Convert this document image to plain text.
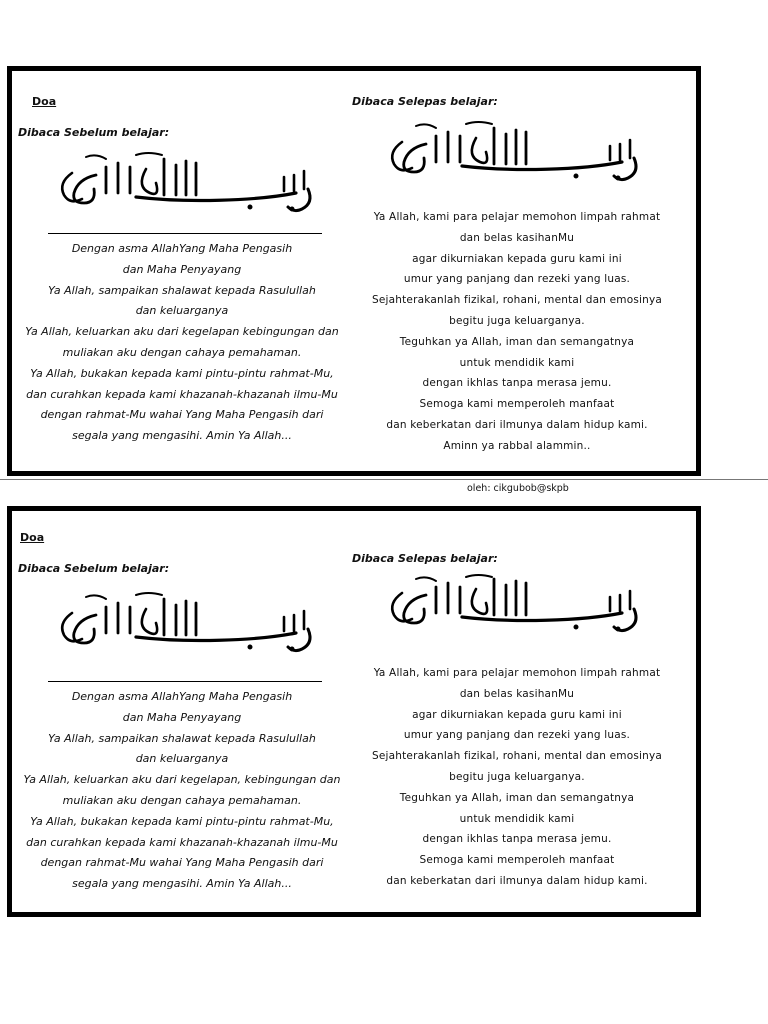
Doa
Dibaca Sebelum belajar:
Dibaca Selepas belajar:
Dengan asma AllahYang Maha Pengasih
dan Maha Penyayang
Ya Allah, sampaikan shalawat kepada Rasulullah
dan keluarganya
Ya Allah, keluarkan aku dari kegelapan kebingungan dan
muliakan aku dengan cahaya pemahaman.
Ya Allah, bukakan kepada kami pintu-pintu rahmat-Mu,
dan curahkan kepada kami khazanah-khazanah ilmu-Mu
dengan rahmat-Mu wahai Yang Maha Pengasih dari
segala yang mengasihi. Amin Ya Allah...
Ya Allah, kami para pelajar memohon limpah rahmat
dan belas kasihanMu
agar dikurniakan kepada guru kami ini
umur yang panjang dan rezeki yang luas.
Sejahterakanlah fizikal, rohani, mental dan emosinya
begitu juga keluarganya.
Teguhkan ya Allah, iman dan semangatnya
untuk mendidik kami
dengan ikhlas tanpa merasa jemu.
Semoga kami memperoleh manfaat
dan keberkatan dari ilmunya dalam hidup kami.
Aminn ya rabbal alammin..
oleh: cikgubob@skpb
Doa
Dibaca Sebelum belajar:
Dibaca Selepas belajar:
Dengan asma AllahYang Maha Pengasih
dan Maha Penyayang
Ya Allah, sampaikan shalawat kepada Rasulullah
dan keluarganya
Ya Allah, keluarkan aku dari kegelapan, kebingungan dan
muliakan aku dengan cahaya pemahaman.
Ya Allah, bukakan kepada kami pintu-pintu rahmat-Mu,
dan curahkan kepada kami khazanah-khazanah ilmu-Mu
dengan rahmat-Mu wahai Yang Maha Pengasih dari
segala yang mengasihi. Amin Ya Allah...
Ya Allah, kami para pelajar memohon limpah rahmat
dan belas kasihanMu
agar dikurniakan kepada guru kami ini
umur yang panjang dan rezeki yang luas.
Sejahterakanlah fizikal, rohani, mental dan emosinya
begitu juga keluarganya.
Teguhkan ya Allah, iman dan semangatnya
untuk mendidik kami
dengan ikhlas tanpa merasa jemu.
Semoga kami memperoleh manfaat
dan keberkatan dari ilmunya dalam hidup kami.
